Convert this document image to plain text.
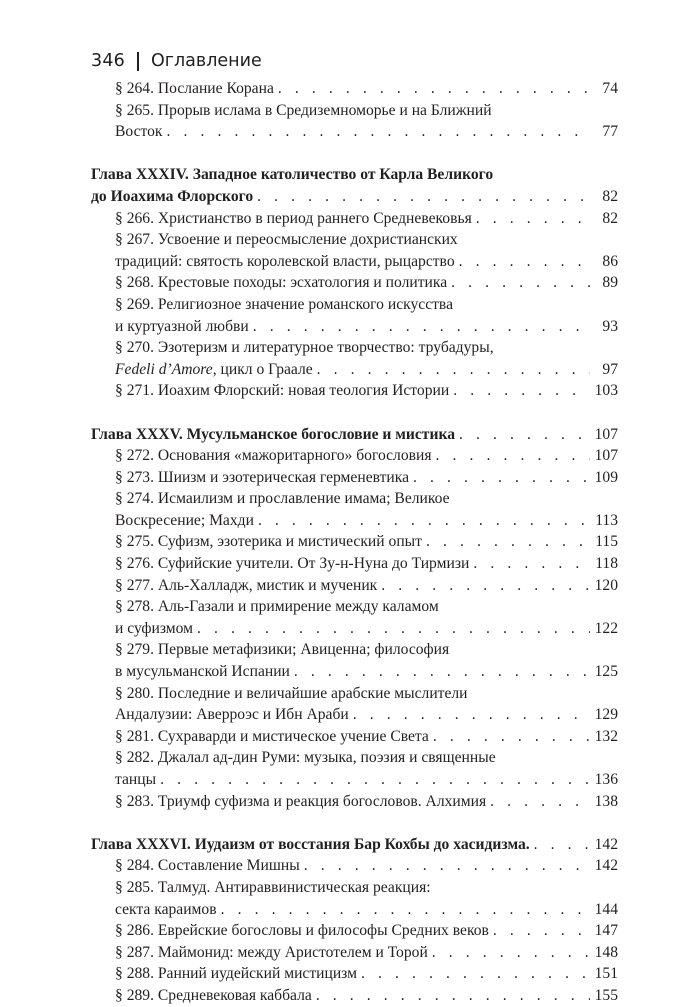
346 Оглавление
§ 264. Послание Корана . . .	74
§ 265. Прорыв ислама в Средиземноморье и на Ближний
Восток . . .	77
Глава XXXIV. Западное католичество от Карла Великого
до Иоахима Флорского . . .	82
§ 266. Христианство в период раннего Средневековья . . .	82
§ 267. Усвоение и переосмысление дохристианских
традиций: святость королевской власти, рыцарство . . .	86
§ 268. Крестовые походы: эсхатология и политика . . .	89
§ 269. Религиозное значение романского искусства
и куртуазной любви . . .	93
§ 270. Эзотеризм и литературное творчество: трубадуры,
Fedeli d’Amore, цикл о Граале . . .	97
§ 271. Иоахим Флорский: новая теология Истории . . .	103
Глава XXXV. Мусульманское богословие и мистика . . .	107
§ 272. Основания «мажоритарного» богословия . . .	107
§ 273. Шиизм и эзотерическая герменевтика . . .	109
§ 274. Исмаилизм и прославление имама; Великое
Воскресение; Махди . . .	113
§ 275. Суфизм, эзотерика и мистический опыт . . .	115
§ 276. Суфийские учители. От Зу-н-Нуна до Тирмизи . . .	118
§ 277. Аль-Халладж, мистик и мученик . . .	120
§ 278. Аль-Газали и примирение между каламом
и суфизмом . . .	122
§ 279. Первые метафизики; Авиценна; философия
в мусульманской Испании . . .	125
§ 280. Последние и величайшие арабские мыслители
Андалузии: Аверроэс и Ибн Араби . . .	129
§ 281. Сухраварди и мистическое учение Света . . .	132
§ 282. Джалал ад-дин Руми: музыка, поэзия и священные
танцы . . .	136
§ 283. Триумф суфизма и реакция богословов. Алхимия . . .	138
Глава XXXVI. Иудаизм от восстания Бар Кохбы до хасидизма. . . .	142
§ 284. Составление Мишны . . .	142
§ 285. Талмуд. Антираввинистическая реакция:
секта караимов . . .	144
§ 286. Еврейские богословы и философы Средних веков . . .	147
§ 287. Маймонид: между Аристотелем и Торой . . .	148
§ 288. Ранний иудейский мистицизм . . .	151
§ 289. Средневековая каббала . . .	155
